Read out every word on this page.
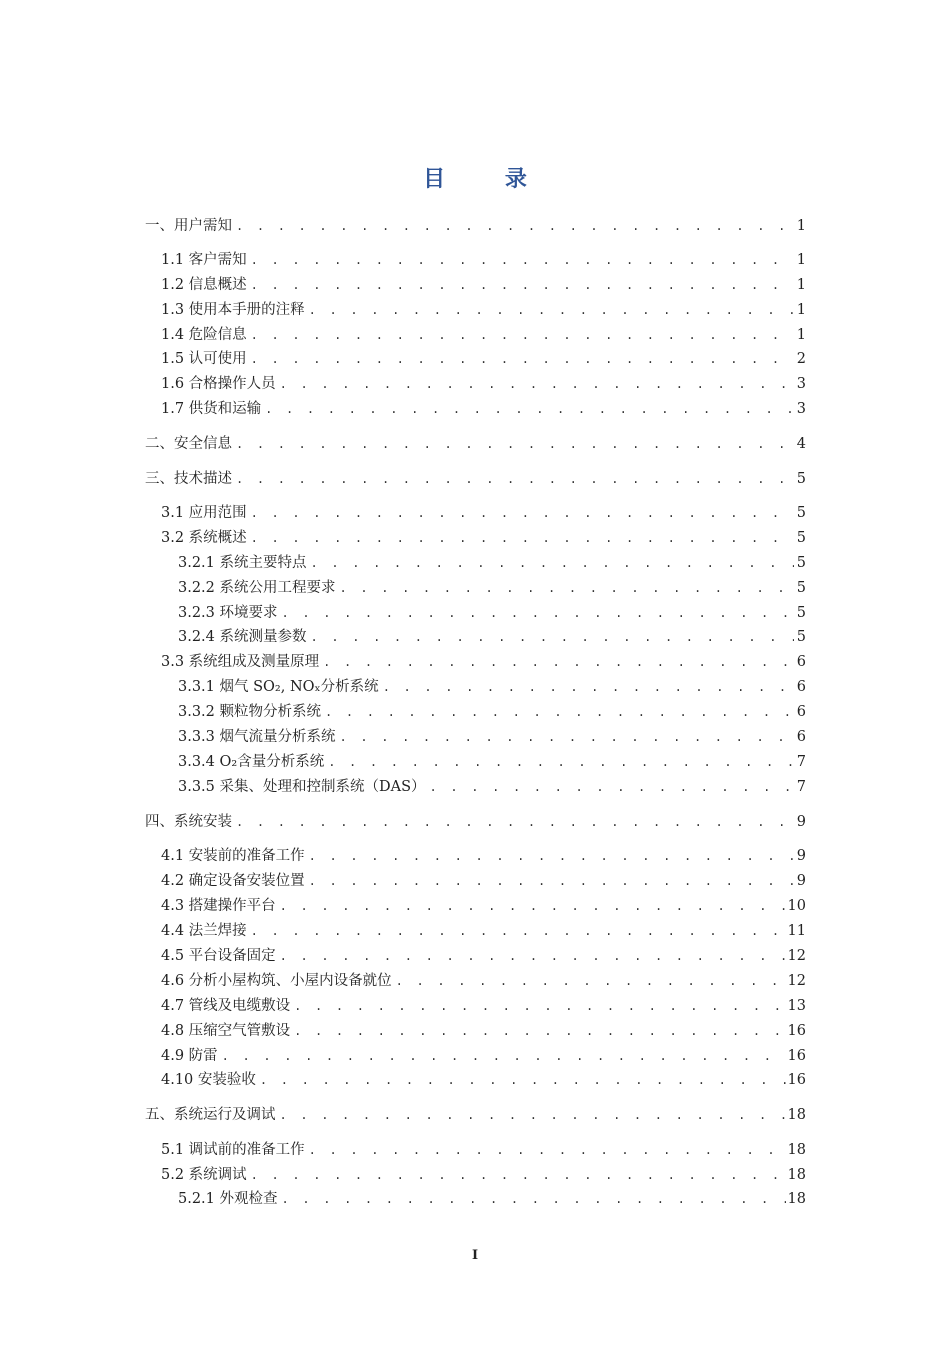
目 录
一、用户需知 . . .	1
1.1 客户需知 . . .	1
1.2 信息概述 . . .	1
1.3 使用本手册的注释 . . .	1
1.4 危险信息 . . .	1
1.5 认可使用 . . .	2
1.6 合格操作人员 . . .	3
1.7 供货和运输 . . .	3
二、安全信息 . . .	4
三、技术描述 . . .	5
3.1 应用范围 . . .	5
3.2 系统概述 . . .	5
3.2.1 系统主要特点 . . .	5
3.2.2 系统公用工程要求 . . .	5
3.2.3 环境要求 . . .	5
3.2.4 系统测量参数 . . .	5
3.3 系统组成及测量原理 . . .	6
3.3.1 烟气 SO₂, NOₓ分析系统 . . .	6
3.3.2 颗粒物分析系统 . . .	6
3.3.3 烟气流量分析系统 . . .	6
3.3.4 O₂含量分析系统 . . .	7
3.3.5 采集、处理和控制系统（DAS） . . .	7
四、系统安装 . . .	9
4.1 安装前的准备工作 . . .	9
4.2 确定设备安装位置 . . .	9
4.3 搭建操作平台 . . .	10
4.4 法兰焊接 . . .	11
4.5 平台设备固定 . . .	12
4.6 分析小屋构筑、小屋内设备就位 . . .	12
4.7 管线及电缆敷设 . . .	13
4.8 压缩空气管敷设 . . .	16
4.9 防雷 . . .	16
4.10 安装验收 . . .	16
五、系统运行及调试 . . .	18
5.1 调试前的准备工作 . . .	18
5.2 系统调试 . . .	18
5.2.1 外观检查 . . .	18
I
